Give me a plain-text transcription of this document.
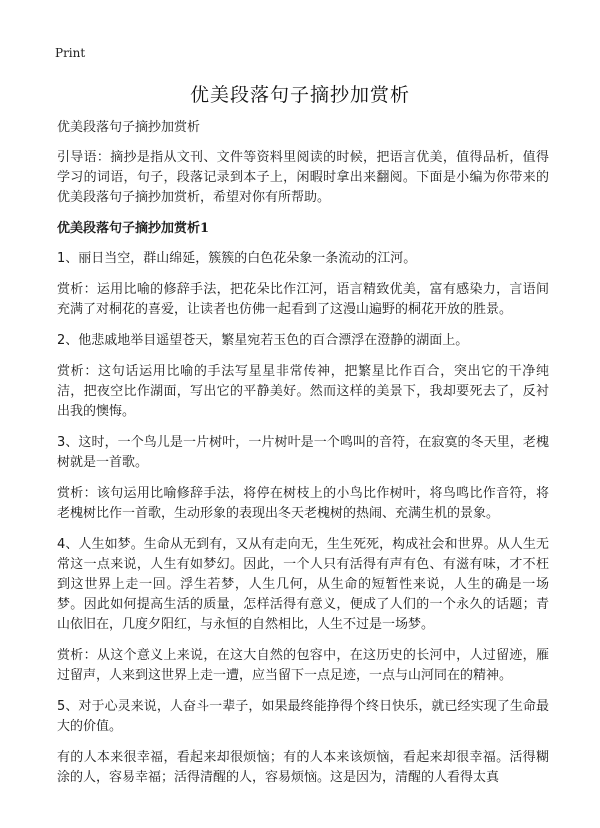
Print
优美段落句子摘抄加赏析

优美段落句子摘抄加赏析

引导语：摘抄是指从文刊、文件等资料里阅读的时候，把语言优美，值得品析，值得学习的词语，句子，段落记录到本子上，闲暇时拿出来翻阅。下面是小编为你带来的优美段落句子摘抄加赏析，希望对你有所帮助。

优美段落句子摘抄加赏析1

1、丽日当空，群山绵延，簇簇的白色花朵象一条流动的江河。

赏析：运用比喻的修辞手法，把花朵比作江河，语言精致优美，富有感染力，言语间充满了对桐花的喜爱，让读者也仿佛一起看到了这漫山遍野的桐花开放的胜景。

2、他悲戚地举目遥望苍天，繁星宛若玉色的百合漂浮在澄静的湖面上。

赏析：这句话运用比喻的手法写星星非常传神，把繁星比作百合，突出它的干净纯洁，把夜空比作湖面，写出它的平静美好。然而这样的美景下，我却要死去了，反衬出我的懊悔。

3、这时，一个鸟儿是一片树叶，一片树叶是一个鸣叫的音符，在寂寞的冬天里，老槐树就是一首歌。

赏析：该句运用比喻修辞手法，将停在树枝上的小鸟比作树叶，将鸟鸣比作音符，将老槐树比作一首歌，生动形象的表现出冬天老槐树的热闹、充满生机的景象。

4、人生如梦。生命从无到有，又从有走向无，生生死死，构成社会和世界。从人生无常这一点来说，人生有如梦幻。因此，一个人只有活得有声有色、有滋有味，才不枉到这世界上走一回。浮生若梦，人生几何，从生命的短暂性来说，人生的确是一场梦。因此如何提高生活的质量，怎样活得有意义，便成了人们的一个永久的话题；青山依旧在，几度夕阳红，与永恒的自然相比，人生不过是一场梦。

赏析：从这个意义上来说，在这大自然的包容中，在这历史的长河中，人过留迹，雁过留声，人来到这世界上走一遭，应当留下一点足迹，一点与山河同在的精神。

5、对于心灵来说，人奋斗一辈子，如果最终能挣得个终日快乐，就已经实现了生命最大的价值。

有的人本来很幸福，看起来却很烦恼；有的人本来该烦恼，看起来却很幸福。活得糊涂的人，容易幸福；活得清醒的人，容易烦恼。这是因为，清醒的人看得太真
